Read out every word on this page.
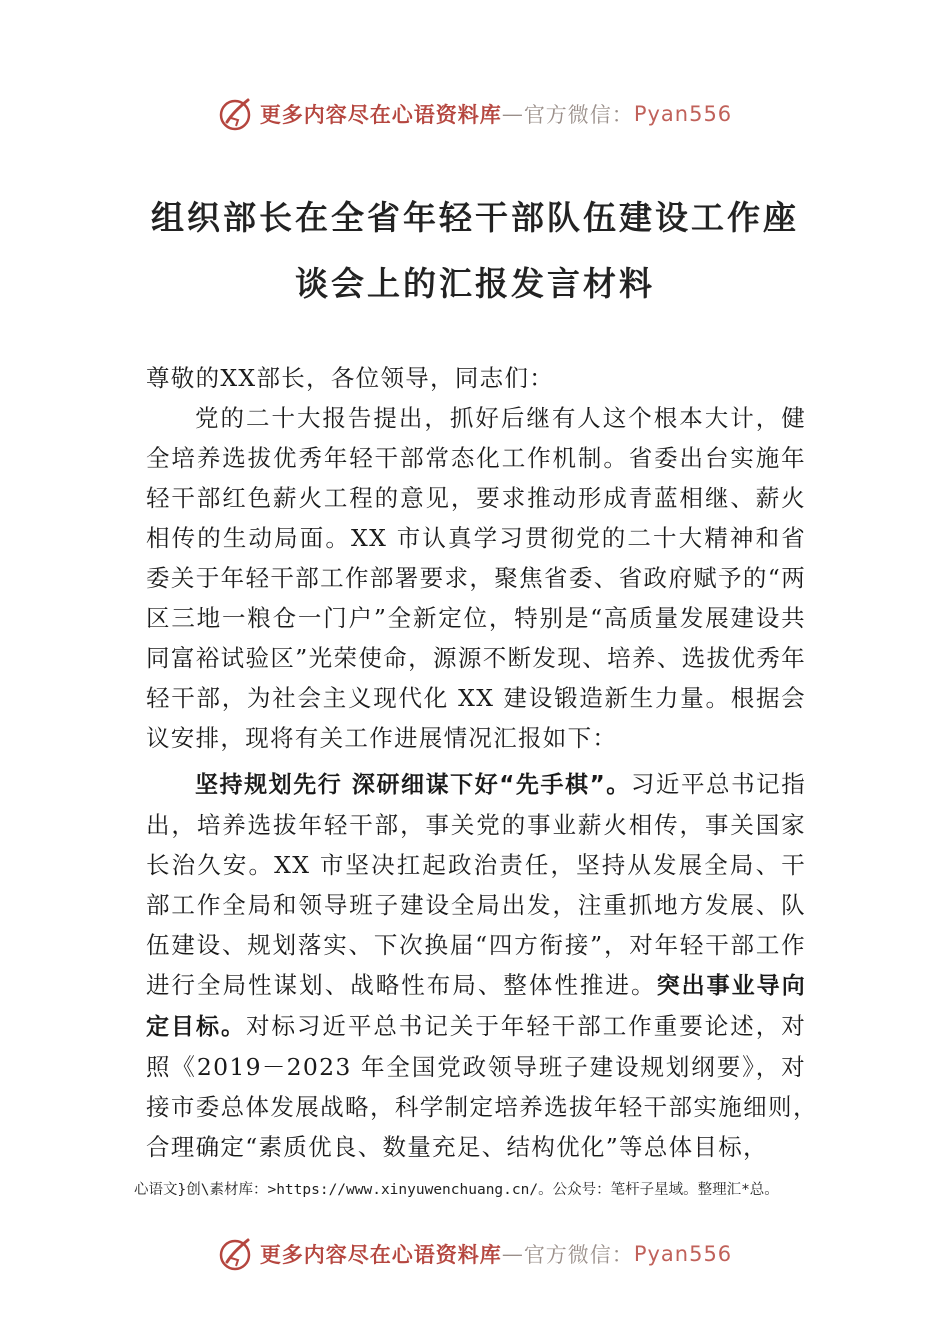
更多内容尽在心语资料库 — 官方微信： Pyan556
组织部长在全省年轻干部队伍建设工作座
谈会上的汇报发言材料
尊敬的XX部长，各位领导，同志们：
党的二十大报告提出，抓好后继有人这个根本大计，健全培养选拔优秀年轻干部常态化工作机制。省委出台实施年轻干部红色薪火工程的意见，要求推动形成青蓝相继、薪火相传的生动局面。XX 市认真学习贯彻党的二十大精神和省委关于年轻干部工作部署要求，聚焦省委、省政府赋予的“两区三地一粮仓一门户”全新定位，特别是“高质量发展建设共同富裕试验区”光荣使命，源源不断发现、培养、选拔优秀年轻干部，为社会主义现代化 XX 建设锻造新生力量。根据会议安排，现将有关工作进展情况汇报如下：
坚持规划先行 深研细谋下好“先手棋”。习近平总书记指出，培养选拔年轻干部，事关党的事业薪火相传，事关国家长治久安。XX 市坚决扛起政治责任，坚持从发展全局、干部工作全局和领导班子建设全局出发，注重抓地方发展、队伍建设、规划落实、下次换届“四方衔接”，对年轻干部工作进行全局性谋划、战略性布局、整体性推进。突出事业导向定目标。对标习近平总书记关于年轻干部工作重要论述，对照《2019－2023 年全国党政领导班子建设规划纲要》，对接市委总体发展战略，科学制定培养选拔年轻干部实施细则，　合理确定“素质优良、数量充足、结构优化”等总体目标，
心语文}创\素材库：>https://www.xinyuwenchuang.cn/。公众号：笔杆子星域。整理汇*总。
更多内容尽在心语资料库 — 官方微信： Pyan556
